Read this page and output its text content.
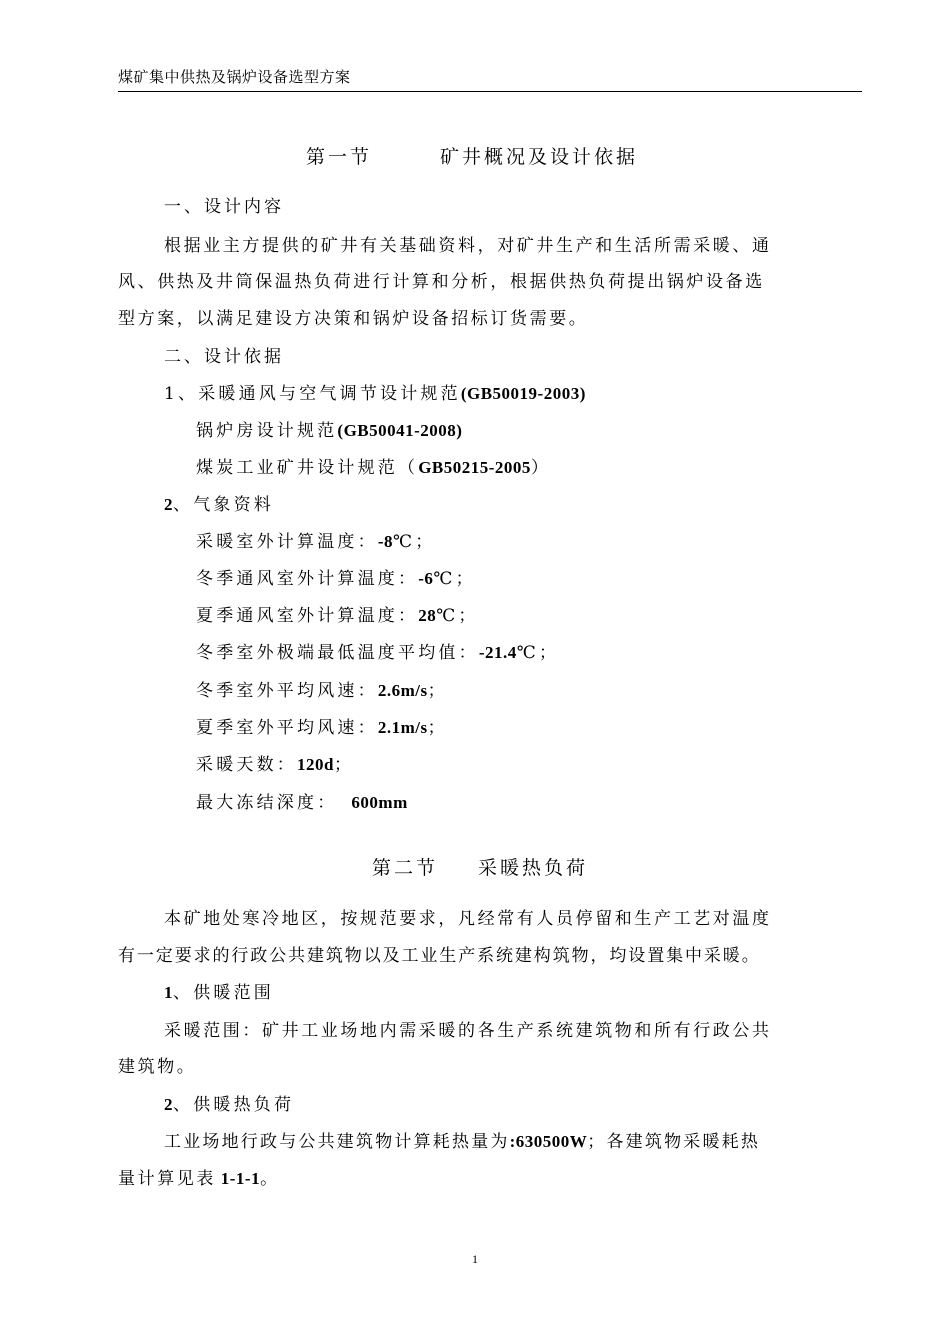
煤矿集中供热及锅炉设备选型方案
第一节	矿井概况及设计依据
一、设计内容
根据业主方提供的矿井有关基础资料，对矿井生产和生活所需采暖、通
风、供热及井筒保温热负荷进行计算和分析，根据供热负荷提出锅炉设备选
型方案，以满足建设方决策和锅炉设备招标订货需要。
二、设计依据
1、采暖通风与空气调节设计规范(GB50019-2003)
锅炉房设计规范(GB50041-2008)
煤炭工业矿井设计规范（GB50215-2005）
2、气象资料
采暖室外计算温度：-8℃；
冬季通风室外计算温度：-6℃；
夏季通风室外计算温度：28℃；
冬季室外极端最低温度平均值：-21.4℃；
冬季室外平均风速：2.6m/s；
夏季室外平均风速：2.1m/s；
采暖天数：120d；
最大冻结深度： 600mm
第二节 采暖热负荷
本矿地处寒冷地区，按规范要求，凡经常有人员停留和生产工艺对温度
有一定要求的行政公共建筑物以及工业生产系统建构筑物，均设置集中采暖。
1、供暖范围
采暖范围：矿井工业场地内需采暖的各生产系统建筑物和所有行政公共
建筑物。
2、供暖热负荷
工业场地行政与公共建筑物计算耗热量为:630500W；各建筑物采暖耗热
量计算见表 1-1-1。
1
